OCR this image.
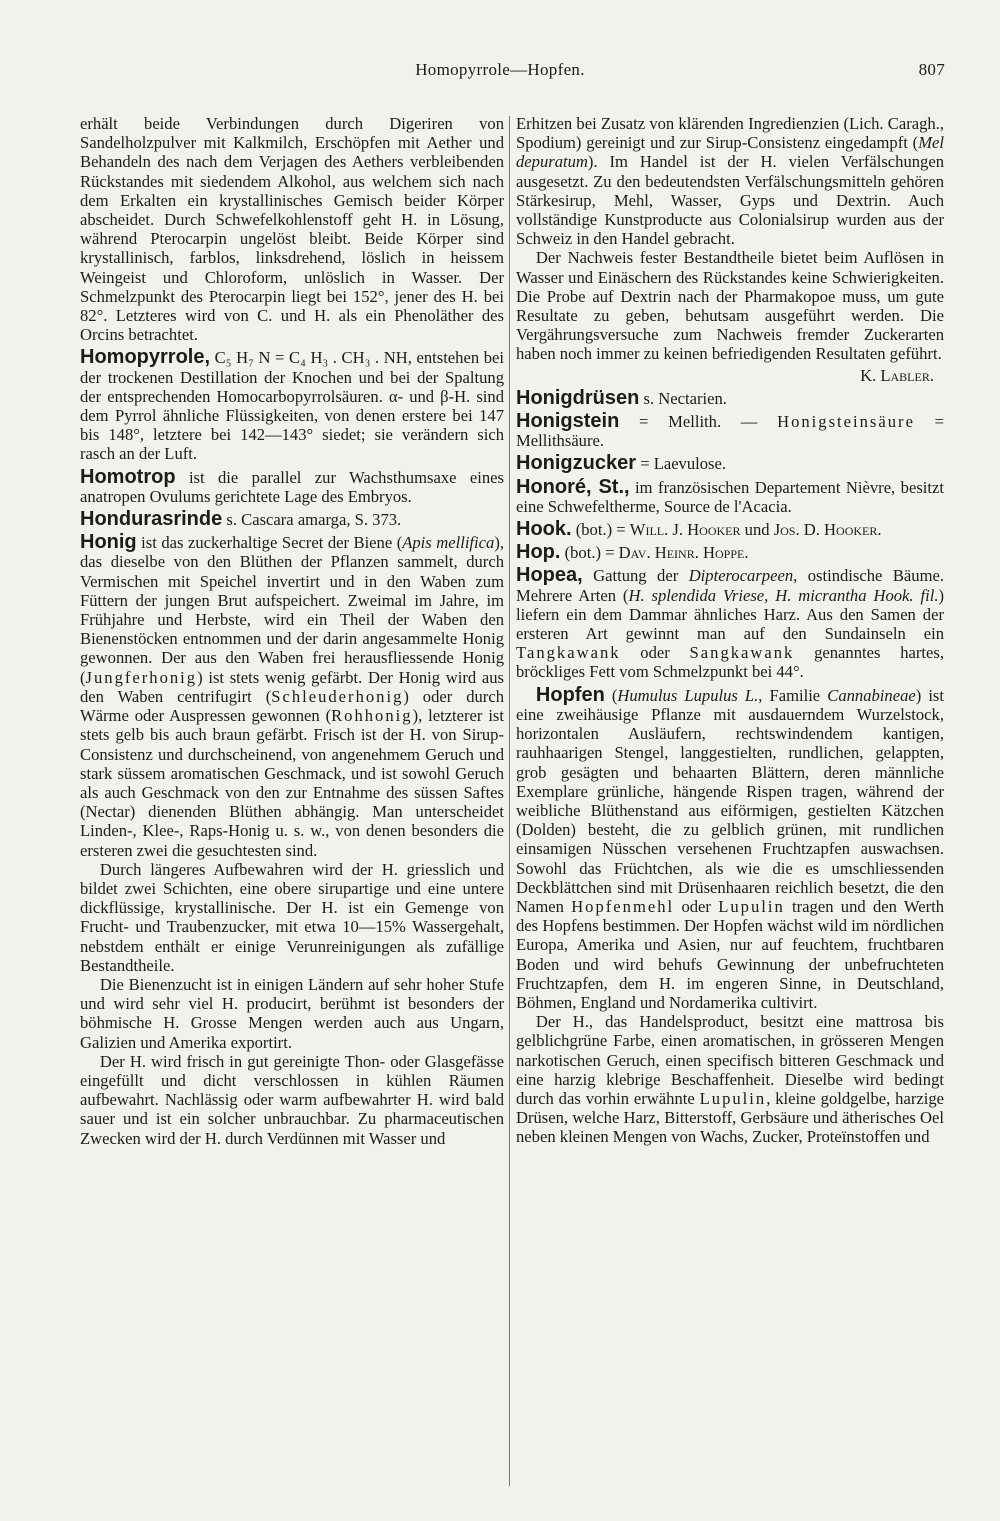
Homopyrrole—Hopfen.	807

erhält beide Verbindungen durch Digeriren von Sandelholzpulver mit Kalkmilch, Erschöpfen mit Aether und Behandeln des nach dem Verjagen des Aethers verbleibenden Rückstandes mit siedendem Alkohol, aus welchem sich nach dem Erkalten ein krystallinisches Gemisch beider Körper abscheidet. Durch Schwefelkohlenstoff geht H. in Lösung, während Pterocarpin ungelöst bleibt. Beide Körper sind krystallinisch, farblos, linksdrehend, löslich in heissem Weingeist und Chloroform, unlöslich in Wasser. Der Schmelzpunkt des Pterocarpin liegt bei 152°, jener des H. bei 82°. Letzteres wird von C. und H. als ein Phenoläther des Orcins betrachtet.

Homopyrrole, C₅ H₇ N = C₄ H₃ . CH₃ . NH, entstehen bei der trockenen Destillation der Knochen und bei der Spaltung der entsprechenden Homocarbopyrrolsäuren. α- und β-H. sind dem Pyrrol ähnliche Flüssigkeiten, von denen erstere bei 147 bis 148°, letztere bei 142—143° siedet; sie verändern sich rasch an der Luft.

Homotrop ist die parallel zur Wachsthumsaxe eines anatropen Ovulums gerichtete Lage des Embryos.

Hondurasrinde s. Cascara amarga, S. 373.

Honig ist das zuckerhaltige Secret der Biene (Apis mellifica), das dieselbe von den Blüthen der Pflanzen sammelt, durch Vermischen mit Speichel invertirt und in den Waben zum Füttern der jungen Brut aufspeichert. Zweimal im Jahre, im Frühjahre und Herbste, wird ein Theil der Waben den Bienenstöcken entnommen und der darin angesammelte Honig gewonnen. Der aus den Waben frei herausfliessende Honig (Jungferhonig) ist stets wenig gefärbt. Der Honig wird aus den Waben centrifugirt (Schleuderhonig) oder durch Wärme oder Auspressen gewonnen (Rohhonig), letzterer ist stets gelb bis auch braun gefärbt. Frisch ist der H. von Sirup-Consistenz und durchscheinend, von angenehmem Geruch und stark süssem aromatischen Geschmack, und ist sowohl Geruch als auch Geschmack von den zur Entnahme des süssen Saftes (Nectar) dienenden Blüthen abhängig. Man unterscheidet Linden-, Klee-, Raps-Honig u. s. w., von denen besonders die ersteren zwei die gesuchtesten sind.

Durch längeres Aufbewahren wird der H. griesslich und bildet zwei Schichten, eine obere sirupartige und eine untere dickflüssige, krystallinische. Der H. ist ein Gemenge von Frucht- und Traubenzucker, mit etwa 10—15% Wassergehalt, nebstdem enthält er einige Verunreinigungen als zufällige Bestandtheile.

Die Bienenzucht ist in einigen Ländern auf sehr hoher Stufe und wird sehr viel H. producirt, berühmt ist besonders der böhmische H. Grosse Mengen werden auch aus Ungarn, Galizien und Amerika exportirt.

Der H. wird frisch in gut gereinigte Thon- oder Glasgefässe eingefüllt und dicht verschlossen in kühlen Räumen aufbewahrt. Nachlässig oder warm aufbewahrter H. wird bald sauer und ist ein solcher unbrauchbar. Zu pharmaceutischen Zwecken wird der H. durch Verdünnen mit Wasser und

Erhitzen bei Zusatz von klärenden Ingredienzien (Lich. Caragh., Spodium) gereinigt und zur Sirup-Consistenz eingedampft (Mel depuratum). Im Handel ist der H. vielen Verfälschungen ausgesetzt. Zu den bedeutendsten Verfälschungsmitteln gehören Stärkesirup, Mehl, Wasser, Gyps und Dextrin. Auch vollständige Kunstproducte aus Colonialsirup wurden aus der Schweiz in den Handel gebracht.

Der Nachweis fester Bestandtheile bietet beim Auflösen in Wasser und Einäschern des Rückstandes keine Schwierigkeiten. Die Probe auf Dextrin nach der Pharmakopoe muss, um gute Resultate zu geben, behutsam ausgeführt werden. Die Vergährungsversuche zum Nachweis fremder Zuckerarten haben noch immer zu keinen befriedigenden Resultaten geführt.

K. Labler.

Honigdrüsen s. Nectarien.

Honigstein = Mellith. — Honigsteinsäure = Mellithsäure.

Honigzucker = Laevulose.

Honoré, St., im französischen Departement Nièvre, besitzt eine Schwefeltherme, Source de l'Acacia.

Hook. (bot.) = Will. J. Hooker und Jos. D. Hooker.

Hop. (bot.) = Dav. Heinr. Hoppe.

Hopea, Gattung der Dipterocarpeen, ostindische Bäume. Mehrere Arten (H. splendida Vriese, H. micrantha Hook. fil.) liefern ein dem Dammar ähnliches Harz. Aus den Samen der ersteren Art gewinnt man auf den Sundainseln ein Tangkawank oder Sangkawank genanntes hartes, bröckliges Fett vom Schmelzpunkt bei 44°.

Hopfen (Humulus Lupulus L., Familie Cannabineae) ist eine zweihäusige Pflanze mit ausdauerndem Wurzelstock, horizontalen Ausläufern, rechtswindendem kantigen, rauhhaarigen Stengel, langgestielten, rundlichen, gelappten, grob gesägten und behaarten Blättern, deren männliche Exemplare grünliche, hängende Rispen tragen, während der weibliche Blüthenstand aus eiförmigen, gestielten Kätzchen (Dolden) besteht, die zu gelblich grünen, mit rundlichen einsamigen Nüsschen versehenen Fruchtzapfen auswachsen. Sowohl das Früchtchen, als wie die es umschliessenden Deckblättchen sind mit Drüsenhaaren reichlich besetzt, die den Namen Hopfenmehl oder Lupulin tragen und den Werth des Hopfens bestimmen. Der Hopfen wächst wild im nördlichen Europa, Amerika und Asien, nur auf feuchtem, fruchtbaren Boden und wird behufs Gewinnung der unbefruchteten Fruchtzapfen, dem H. im engeren Sinne, in Deutschland, Böhmen, England und Nordamerika cultivirt.

Der H., das Handelsproduct, besitzt eine mattrosa bis gelblichgrüne Farbe, einen aromatischen, in grösseren Mengen narkotischen Geruch, einen specifisch bitteren Geschmack und eine harzig klebrige Beschaffenheit. Dieselbe wird bedingt durch das vorhin erwähnte Lupulin, kleine goldgelbe, harzige Drüsen, welche Harz, Bitterstoff, Gerbsäure und ätherisches Oel neben kleinen Mengen von Wachs, Zucker, Proteïnstoffen und
